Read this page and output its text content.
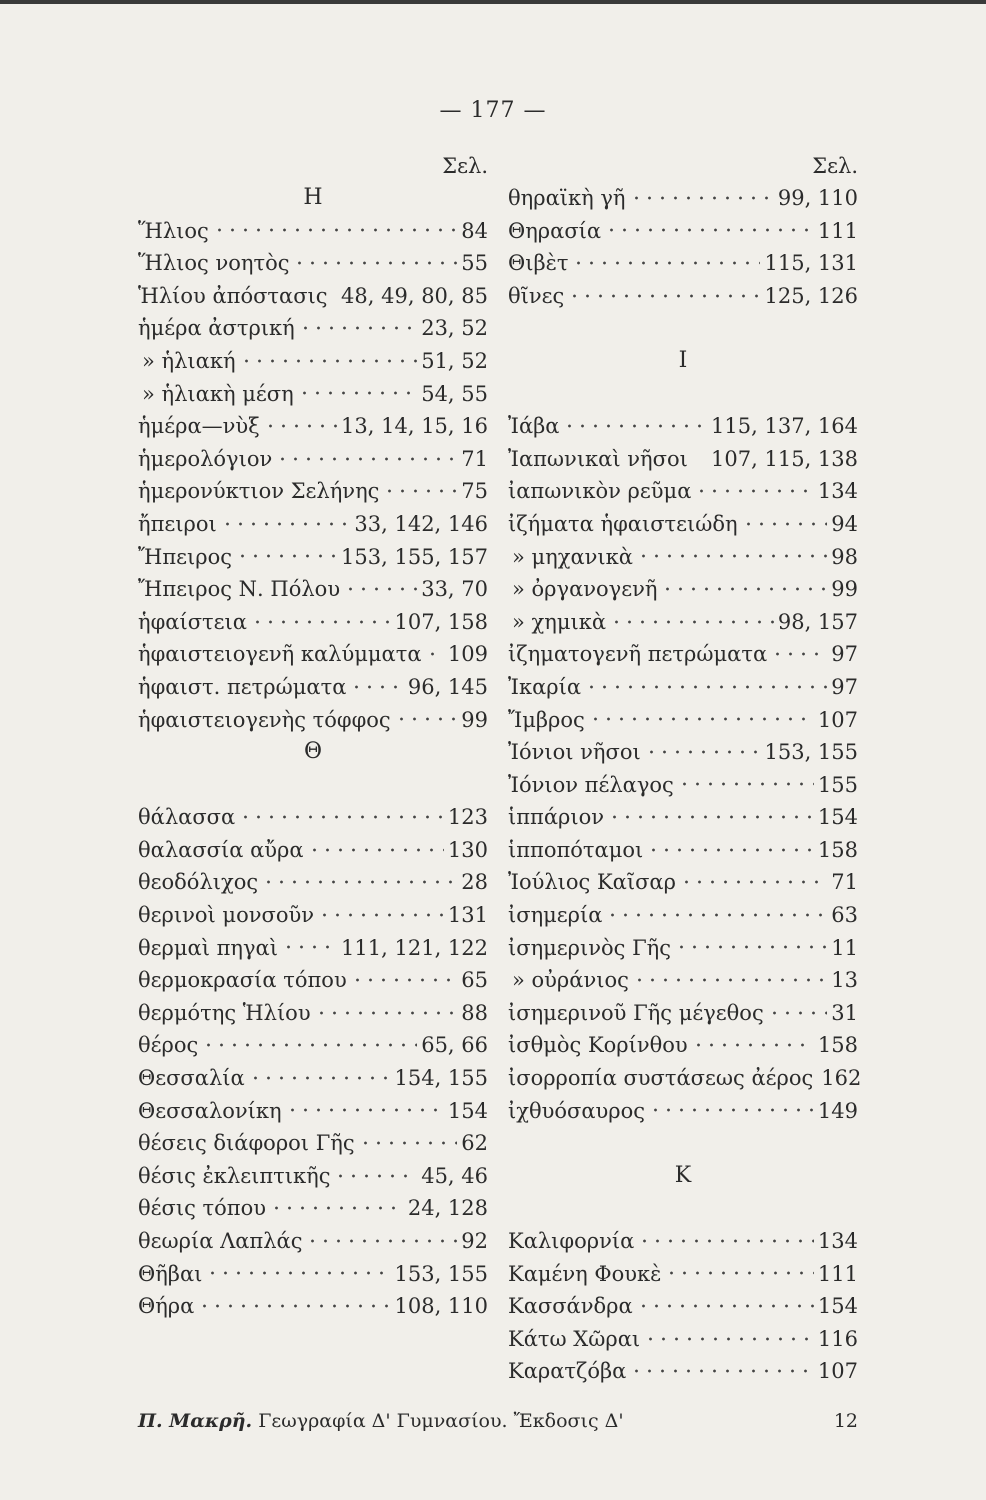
— 177 —
Σελ.
Η
Ἥλιος	84
Ἥλιος νοητὸς	55
Ἡλίου ἀπόστασις 48, 49, 80, 85
ἡμέρα ἀστρική	23, 52
» ἡλιακή	51, 52
» ἡλιακὴ μέση	54, 55
ἡμέρα—νὺξ	13, 14, 15, 16
ἡμερολόγιον	71
ἡμερονύκτιον Σελήνης	75
ἤπειροι	33, 142, 146
Ἤπειρος	153, 155, 157
Ἤπειρος Ν. Πόλου	33, 70
ἡφαίστεια	107, 158
ἡφαιστειογενῆ καλύμματα 109
ἡφαιστ. πετρώματα	96, 145
ἡφαιστειογενὴς τόφφος	99
Θ
θάλασσα	123
θαλασσία αὔρα	130
θεοδόλιχος	28
θερινοὶ μονσοῦν	131
θερμαὶ πηγαὶ	111, 121, 122
θερμοκρασία τόπου	65
θερμότης Ἡλίου	88
θέρος	65, 66
Θεσσαλία	154, 155
Θεσσαλονίκη	154
θέσεις διάφοροι Γῆς	62
θέσις ἐκλειπτικῆς	45, 46
θέσις τόπου	24, 128
θεωρία Λαπλάς	92
Θῆβαι	153, 155
Θήρα	108, 110
Σελ.
θηραϊκὴ γῆ	99, 110
Θηρασία	111
Θιβὲτ	115, 131
θῖνες	125, 126
Ι
Ἰάβα	115, 137, 164
Ἰαπωνικαὶ νῆσοι 107, 115, 138
ἰαπωνικὸν ρεῦμα	134
ἰζήματα ἡφαιστειώδη	94
» μηχανικὰ	98
» ὀργανογενῆ	99
» χημικὰ	98, 157
ἰζηματογενῆ πετρώματα	97
Ἰκαρία	97
Ἴμβρος	107
Ἰόνιοι νῆσοι	153, 155
Ἰόνιον πέλαγος	155
ἱππάριον	154
ἱπποπόταμοι	158
Ἰούλιος Καῖσαρ	71
ἰσημερία	63
ἰσημερινὸς Γῆς	11
» οὐράνιος	13
ἰσημερινοῦ Γῆς μέγεθος	31
ἰσθμὸς Κορίνθου	158
ἰσορροπία συστάσεως ἀέρος 162
ἰχθυόσαυρος	149
Κ
Καλιφορνία	134
Καμένη Φουκὲ	111
Κασσάνδρα	154
Κάτω Χῶραι	116
Καρατζόβα	107
Π. Μακρῆ. Γεωγραφία Δ' Γυμνασίου. Ἔκδοσις Δ'	12
